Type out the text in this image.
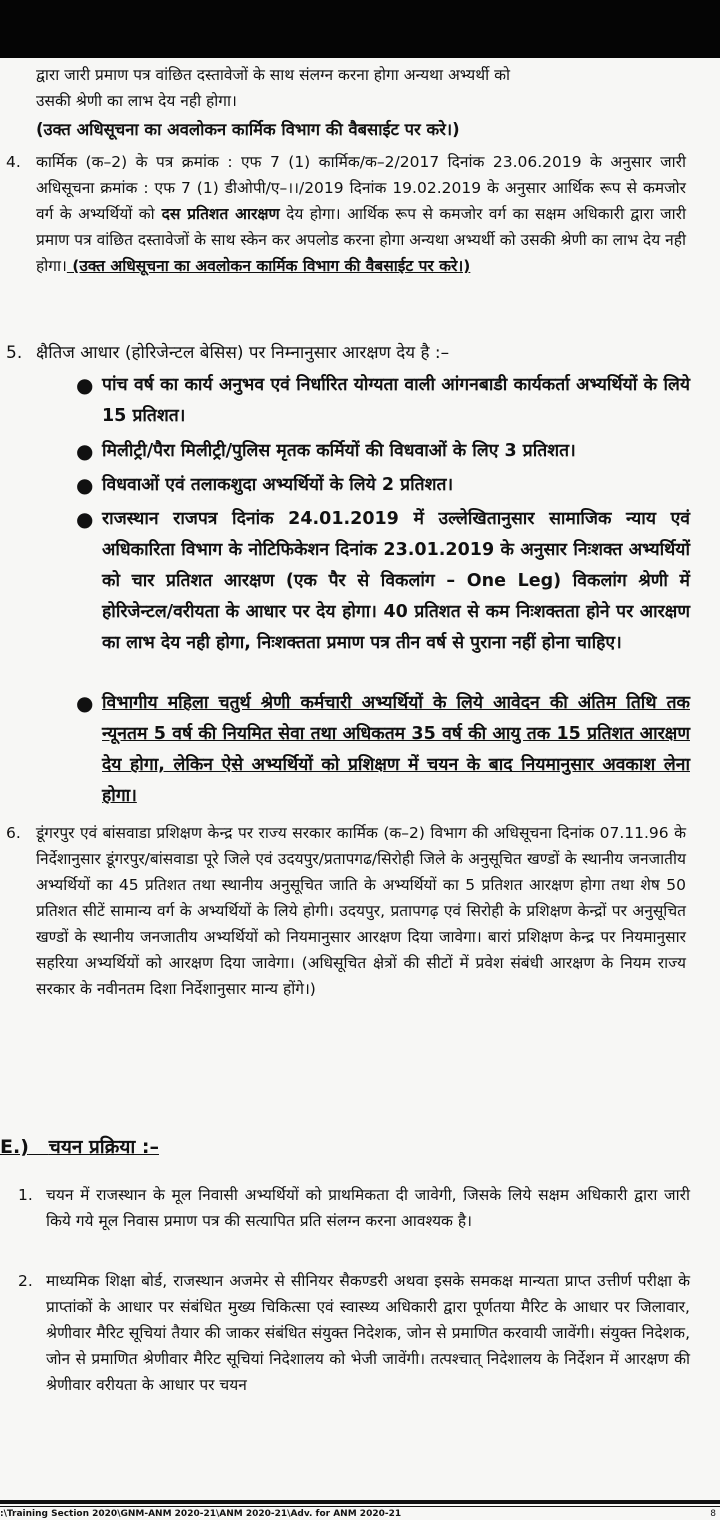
द्वारा जारी प्रमाण पत्र वांछित दस्तावेजों के साथ संलग्न करना होगा अन्यथा अभ्यर्थी को
उसकी श्रेणी का लाभ देय नही होगा।
(उक्त अधिसूचना का अवलोकन कार्मिक विभाग की वैबसाईट पर करे।)
4. कार्मिक (क–2) के पत्र क्रमांक : एफ 7 (1) कार्मिक/क–2/2017 दिनांक 23.06.2019 के अनुसार जारी अधिसूचना क्रमांक : एफ 7 (1) डीओपी/ए–।।/2019 दिनांक 19.02.2019 के अनुसार आर्थिक रूप से कमजोर वर्ग के अभ्यर्थियों को दस प्रतिशत आरक्षण देय होगा। आर्थिक रूप से कमजोर वर्ग का सक्षम अधिकारी द्वारा जारी प्रमाण पत्र वांछित दस्तावेजों के साथ स्केन कर अपलोड करना होगा अन्यथा अभ्यर्थी को उसकी श्रेणी का लाभ देय नही होगा। (उक्त अधिसूचना का अवलोकन कार्मिक विभाग की वैबसाईट पर करे।)
5. क्षैतिज आधार (होरिजेन्टल बेसिस) पर निम्नानुसार आरक्षण देय है :–
● पांच वर्ष का कार्य अनुभव एवं निर्धारित योग्यता वाली आंगनबाडी कार्यकर्ता अभ्यर्थियों के लिये 15 प्रतिशत।
● मिलीट्री/पैरा मिलीट्री/पुलिस मृतक कर्मियों की विधवाओं के लिए 3 प्रतिशत।
● विधवाओं एवं तलाकशुदा अभ्यर्थियों के लिये 2 प्रतिशत।
● राजस्थान राजपत्र दिनांक 24.01.2019 में उल्लेखितानुसार सामाजिक न्याय एवं अधिकारिता विभाग के नोटिफिकेशन दिनांक 23.01.2019 के अनुसार निःशक्त अभ्यर्थियों को चार प्रतिशत आरक्षण (एक पैर से विकलांग – One Leg) विकलांग श्रेणी में होरिजेन्टल/वरीयता के आधार पर देय होगा। 40 प्रतिशत से कम निःशक्तता होने पर आरक्षण का लाभ देय नही होगा, निःशक्तता प्रमाण पत्र तीन वर्ष से पुराना नहीं होना चाहिए।
● विभागीय महिला चतुर्थ श्रेणी कर्मचारी अभ्यर्थियों के लिये आवेदन की अंतिम तिथि तक न्यूनतम 5 वर्ष की नियमित सेवा तथा अधिकतम 35 वर्ष की आयु तक 15 प्रतिशत आरक्षण देय होगा, लेकिन ऐसे अभ्यर्थियों को प्रशिक्षण में चयन के बाद नियमानुसार अवकाश लेना होगा।
6. डूंगरपुर एवं बांसवाडा प्रशिक्षण केन्द्र पर राज्य सरकार कार्मिक (क–2) विभाग की अधिसूचना दिनांक 07.11.96 के निर्देशानुसार डूंगरपुर/बांसवाडा पूरे जिले एवं उदयपुर/प्रतापगढ/सिरोही जिले के अनुसूचित खण्डों के स्थानीय जनजातीय अभ्यर्थियों का 45 प्रतिशत तथा स्थानीय अनुसूचित जाति के अभ्यर्थियों का 5 प्रतिशत आरक्षण होगा तथा शेष 50 प्रतिशत सीटें सामान्य वर्ग के अभ्यर्थियों के लिये होगी। उदयपुर, प्रतापगढ़ एवं सिरोही के प्रशिक्षण केन्द्रों पर अनुसूचित खण्डों के स्थानीय जनजातीय अभ्यर्थियों को नियमानुसार आरक्षण दिया जावेगा। बारां प्रशिक्षण केन्द्र पर नियमानुसार सहरिया अभ्यर्थियों को आरक्षण दिया जावेगा। (अधिसूचित क्षेत्रों की सीटों में प्रवेश संबंधी आरक्षण के नियम राज्य सरकार के नवीनतम दिशा निर्देशानुसार मान्य होंगे।)
E.) चयन प्रक्रिया :–
1. चयन में राजस्थान के मूल निवासी अभ्यर्थियों को प्राथमिकता दी जावेगी, जिसके लिये सक्षम अधिकारी द्वारा जारी किये गये मूल निवास प्रमाण पत्र की सत्यापित प्रति संलग्न करना आवश्यक है।
2. माध्यमिक शिक्षा बोर्ड, राजस्थान अजमेर से सीनियर सैकण्डरी अथवा इसके समकक्ष मान्यता प्राप्त उत्तीर्ण परीक्षा के प्राप्तांकों के आधार पर संबंधित मुख्य चिकित्सा एवं स्वास्थ्य अधिकारी द्वारा पूर्णतया मैरिट के आधार पर जिलावार, श्रेणीवार मैरिट सूचियां तैयार की जाकर संबंधित संयुक्त निदेशक, जोन से प्रमाणित करवायी जावेंगी। संयुक्त निदेशक, जोन से प्रमाणित श्रेणीवार मैरिट सूचियां निदेशालय को भेजी जावेंगी। तत्पश्चात् निदेशालय के निर्देशन में आरक्षण की श्रेणीवार वरीयता के आधार पर चयन
:\Training Section 2020\GNM-ANM 2020-21\ANM 2020-21\Adv. for ANM 2020-21	8
